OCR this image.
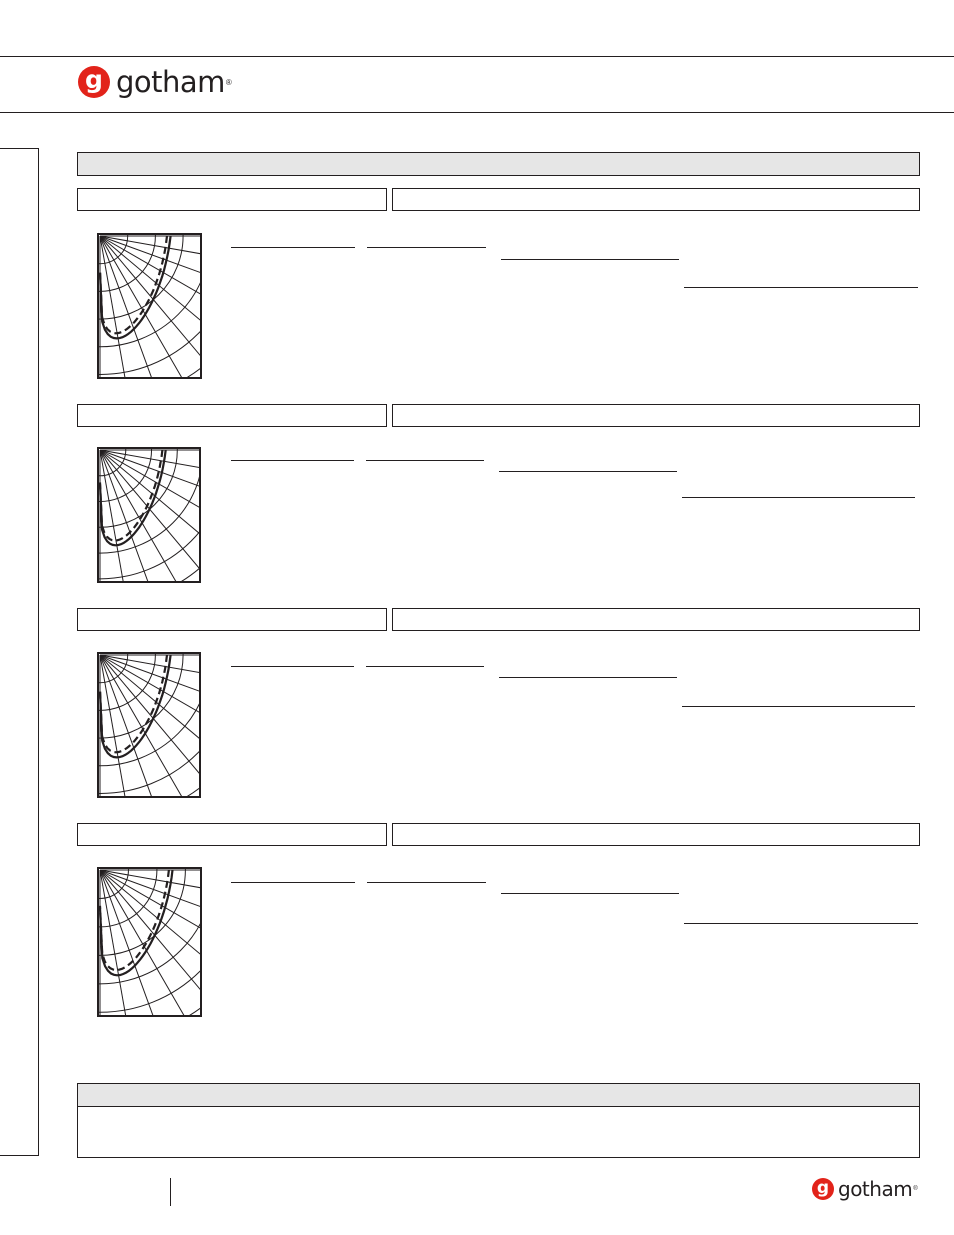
g gotham ®
g gotham ®
